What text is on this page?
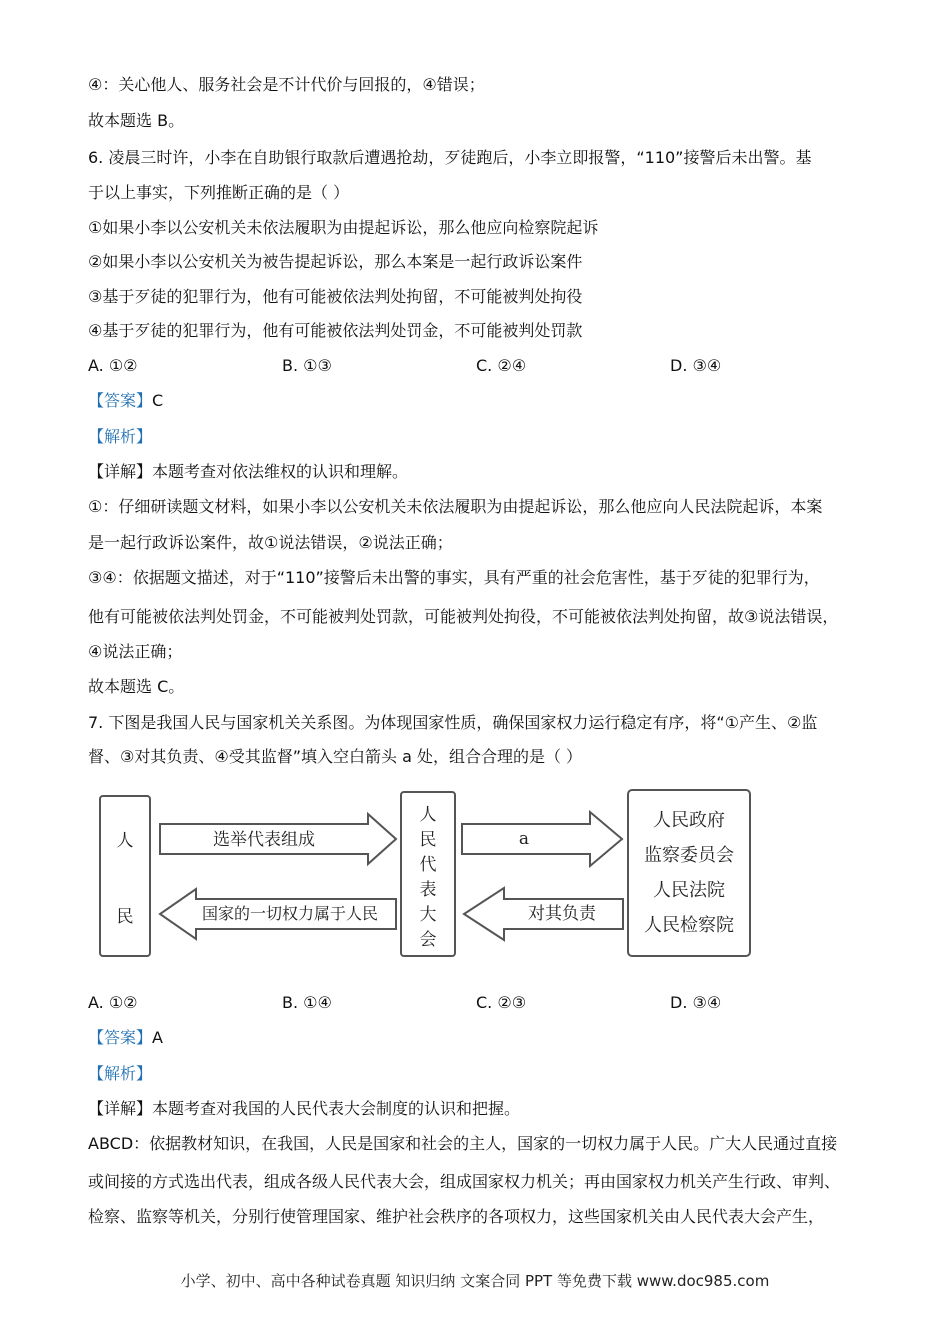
④：关心他人、服务社会是不计代价与回报的，④错误；
故本题选 B。
6. 凌晨三时许，小李在自助银行取款后遭遇抢劫，歹徒跑后，小李立即报警，“110”接警后未出警。基
于以上事实，下列推断正确的是（ ）
①如果小李以公安机关未依法履职为由提起诉讼，那么他应向检察院起诉
②如果小李以公安机关为被告提起诉讼，那么本案是一起行政诉讼案件
③基于歹徒的犯罪行为，他有可能被依法判处拘留，不可能被判处拘役
④基于歹徒的犯罪行为，他有可能被依法判处罚金，不可能被判处罚款
A. ①②	B. ①③	C. ②④	D. ③④
【答案】C
【解析】
【详解】本题考查对依法维权的认识和理解。
①：仔细研读题文材料，如果小李以公安机关未依法履职为由提起诉讼，那么他应向人民法院起诉，本案
是一起行政诉讼案件，故①说法错误，②说法正确；
③④：依据题文描述，对于“110”接警后未出警的事实，具有严重的社会危害性，基于歹徒的犯罪行为，
他有可能被依法判处罚金，不可能被判处罚款，可能被判处拘役，不可能被依法判处拘留，故③说法错误，
④说法正确；
故本题选 C。
7. 下图是我国人民与国家机关关系图。为体现国家性质，确保国家权力运行稳定有序，将“①产生、②监
督、③对其负责、④受其监督”填入空白箭头 a 处，组合合理的是（ ）
人
民
选举代表组成
国家的一切权力属于人民
人
民
代
表
大
会
a
对其负责
人民政府
监察委员会
人民法院
人民检察院
A. ①②	B. ①④	C. ②③	D. ③④
【答案】A
【解析】
【详解】本题考查对我国的人民代表大会制度的认识和把握。
ABCD：依据教材知识，在我国，人民是国家和社会的主人，国家的一切权力属于人民。广大人民通过直接
或间接的方式选出代表，组成各级人民代表大会，组成国家权力机关；再由国家权力机关产生行政、审判、
检察、监察等机关，分别行使管理国家、维护社会秩序的各项权力，这些国家机关由人民代表大会产生，
小学、初中、高中各种试卷真题 知识归纳 文案合同 PPT 等免费下载 www.doc985.com
